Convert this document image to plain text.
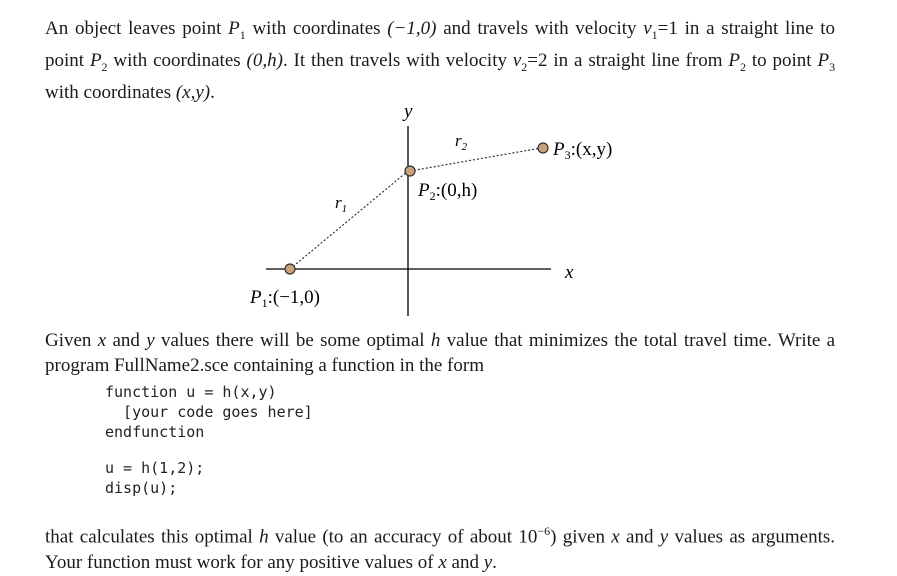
An object leaves point $P_1$ with coordinates (−1,0) and travels with velocity $v_1=1$ in a straight line to point $P_2$ with coordinates (0,h). It then travels with velocity $v_2=2$ in a straight line from $P_2$ to point $P_3$ with coordinates (x,y).

y
x
$r_1$
$r_2$
$P_1:(-1,0)$
$P_2:(0,h)$
$P_3:(x,y)$

Given x and y values there will be some optimal h value that minimizes the total travel time. Write a program FullName2.sce containing a function in the form

function u = h(x,y)
[your code goes here]
endfunction
u = h(1,2);
disp(u);

that calculates this optimal h value (to an accuracy of about $10^{-6}$) given x and y values as arguments. Your function must work for any positive values of x and y.
